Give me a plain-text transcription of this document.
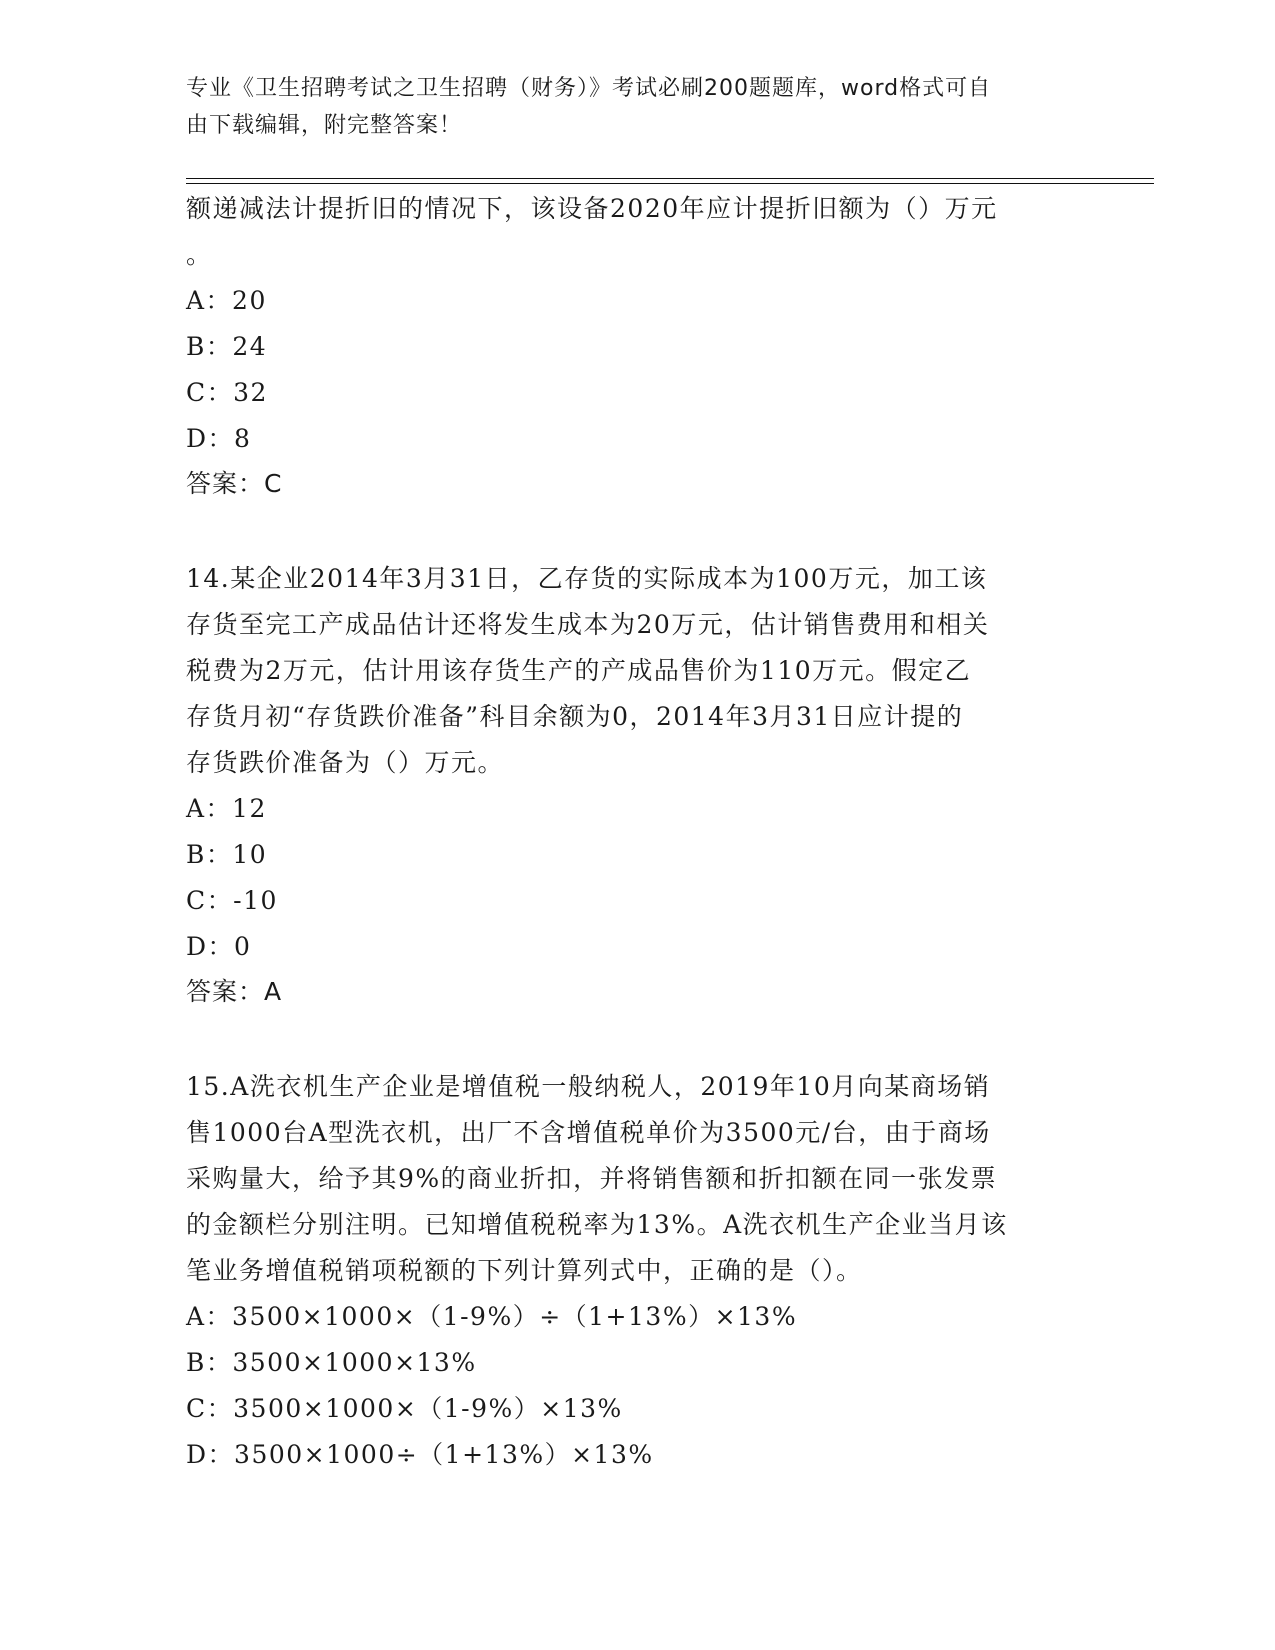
专业《卫生招聘考试之卫生招聘（财务）》考试必刷200题题库，word格式可自
由下载编辑，附完整答案！

额递减法计提折旧的情况下，该设备2020年应计提折旧额为（）万元

。

A：20

B：24

C：32

D：8

答案：C

14.某企业2014年3月31日，乙存货的实际成本为100万元，加工该

存货至完工产成品估计还将发生成本为20万元，估计销售费用和相关

税费为2万元，估计用该存货生产的产成品售价为110万元。假定乙

存货月初“存货跌价准备”科目余额为0，2014年3月31日应计提的

存货跌价准备为（）万元。

A：12

B：10

C：-10

D：0

答案：A

15.A洗衣机生产企业是增值税一般纳税人，2019年10月向某商场销

售1000台A型洗衣机，出厂不含增值税单价为3500元/台，由于商场

采购量大，给予其9%的商业折扣，并将销售额和折扣额在同一张发票

的金额栏分别注明。已知增值税税率为13%。A洗衣机生产企业当月该

笔业务增值税销项税额的下列计算列式中，正确的是（）。

A：3500×1000×（1-9%）÷（1+13%）×13%

B：3500×1000×13%

C：3500×1000×（1-9%）×13%

D：3500×1000÷（1+13%）×13%
